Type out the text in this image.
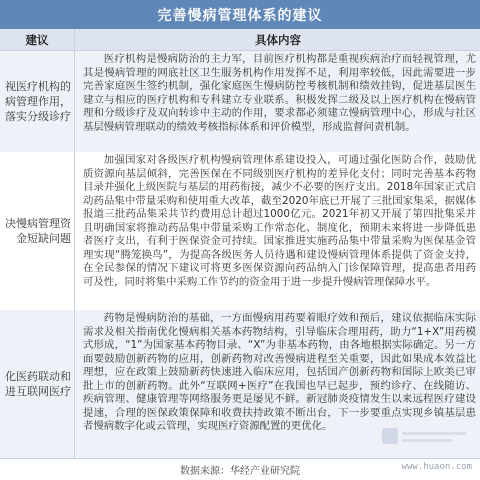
完善慢病管理体系的建议
建议	具体内容
视医疗机构的
病管理作用，
落实分级诊疗

医疗机构是慢病防治的主力军，目前医疗机构都是重视疾病治疗而轻视管理，尤其是慢病管理的网底社区卫生服务机构作用发挥不足，利用率较低，因此需要进一步完善家庭医生签约机制，强化家庭医生慢病防控考核机制和绩效挂钩，促进基层医生建立与相应的医疗机构和专科建立专业联系。积极发挥二级及以上医疗机构在慢病管理和分级诊疗及双向转诊中主动的作用，要求都必须建立慢病管理中心，形成与社区基层慢病管理联动的绩效考核指标体系和评价模型，形成监督问责机制。

决慢病管理资
金短缺问题

加强国家对各级医疗机构慢病管理体系建设投入，可通过强化医防合作，鼓励优质资源向基层倾斜，完善医保在不同级别医疗机构的差异化支付；同时完善基本药物目录并强化上级医院与基层的用药衔接，减少不必要的医疗支出。2018年国家正式启动药品集中带量采购和使用重大改革，截至2020年底已开展了三批国家集采，据媒体报道三批药品集采共节约费用总计超过1000亿元。2021年初又开展了第四批集采并且明确国家将推动药品集中带量采购工作常态化、制度化，预期未来将进一步降低患者医疗支出，有利于医保资金可持续。国家推进实施药品集中带量采购为医保基金管理实现“腾笼换鸟”，为提高各级医务人员待遇和建设慢病管理体系提供了资金支持，在全民参保的情况下建议可将更多医保资源向药品纳入门诊保障管理，提高患者用药可及性，同时将集中采购工作节约的资金用于进一步提升慢病管理保障水平。

化医药联动和
进互联网医疗

药物是慢病防治的基础，一方面慢病用药要着眼疗效和预后，建议依据临床实际需求及相关指南优化慢病相关基本药物结构，引导临床合理用药，助力“1+X”用药模式形成，“1”为国家基本药物目录、“X”为非基本药物，由各地根据实际确定。另一方面要鼓励创新药物的应用，创新药物对改善慢病进程至关重要，因此如果成本效益比理想，应在政策上鼓励新药快速进入临床应用，包括国产创新药物和国际上欧美已审批上市的创新药物。此外“互联网+医疗”在我国也早已起步，预约诊疗、在线随访、疾病管理、健康管理等网络服务更是屡见不鲜。新冠肺炎疫情发生以来远程医疗建设提速，合理的医保政策保障和收费扶持政策不断出台，下一步要重点实现乡镇基层患者慢病数字化或云管理，实现医疗资源配置的更优化。

数据来源：华经产业研究院	www.huaon.com
